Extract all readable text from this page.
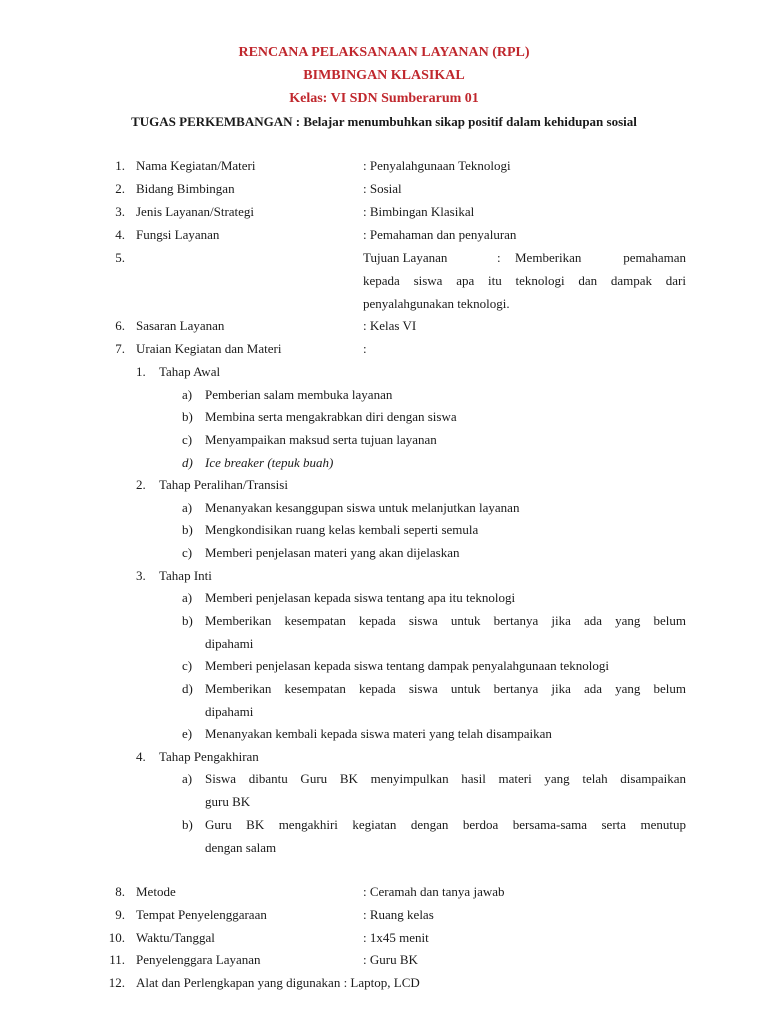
RENCANA PELAKSANAAN LAYANAN (RPL)
BIMBINGAN KLASIKAL
Kelas: VI SDN Sumberarum 01
TUGAS PERKEMBANGAN : Belajar menumbuhkan sikap positif dalam kehidupan sosial
1. Nama Kegiatan/Materi	: Penyalahgunaan Teknologi
2. Bidang Bimbingan	: Sosial
3. Jenis Layanan/Strategi	: Bimbingan Klasikal
4. Fungsi Layanan	: Pemahaman dan penyaluran
5.	Tujuan Layanan	: Memberikan pemahaman
kepada siswa apa itu teknologi dan dampak dari
penyalahgunakan teknologi.
6. Sasaran Layanan	: Kelas VI
7. Uraian Kegiatan dan Materi	:
1. Tahap Awal
a) Pemberian salam membuka layanan
b) Membina serta mengakrabkan diri dengan siswa
c) Menyampaikan maksud serta tujuan layanan
d) Ice breaker (tepuk buah)
2. Tahap Peralihan/Transisi
a) Menanyakan kesanggupan siswa untuk melanjutkan layanan
b) Mengkondisikan ruang kelas kembali seperti semula
c) Memberi penjelasan materi yang akan dijelaskan
3. Tahap Inti
a) Memberi penjelasan kepada siswa tentang apa itu teknologi
b) Memberikan kesempatan kepada siswa untuk bertanya jika ada yang belum
dipahami
c) Memberi penjelasan kepada siswa tentang dampak penyalahgunaan teknologi
d) Memberikan kesempatan kepada siswa untuk bertanya jika ada yang belum
dipahami
e) Menanyakan kembali kepada siswa materi yang telah disampaikan
4. Tahap Pengakhiran
a) Siswa dibantu Guru BK menyimpulkan hasil materi yang telah disampaikan
guru BK
b) Guru BK mengakhiri kegiatan dengan berdoa bersama-sama serta menutup
dengan salam
8. Metode	: Ceramah dan tanya jawab
9. Tempat Penyelenggaraan	: Ruang kelas
10. Waktu/Tanggal	: 1x45 menit
11. Penyelenggara Layanan	: Guru BK
12. Alat dan Perlengkapan yang digunakan : Laptop, LCD
